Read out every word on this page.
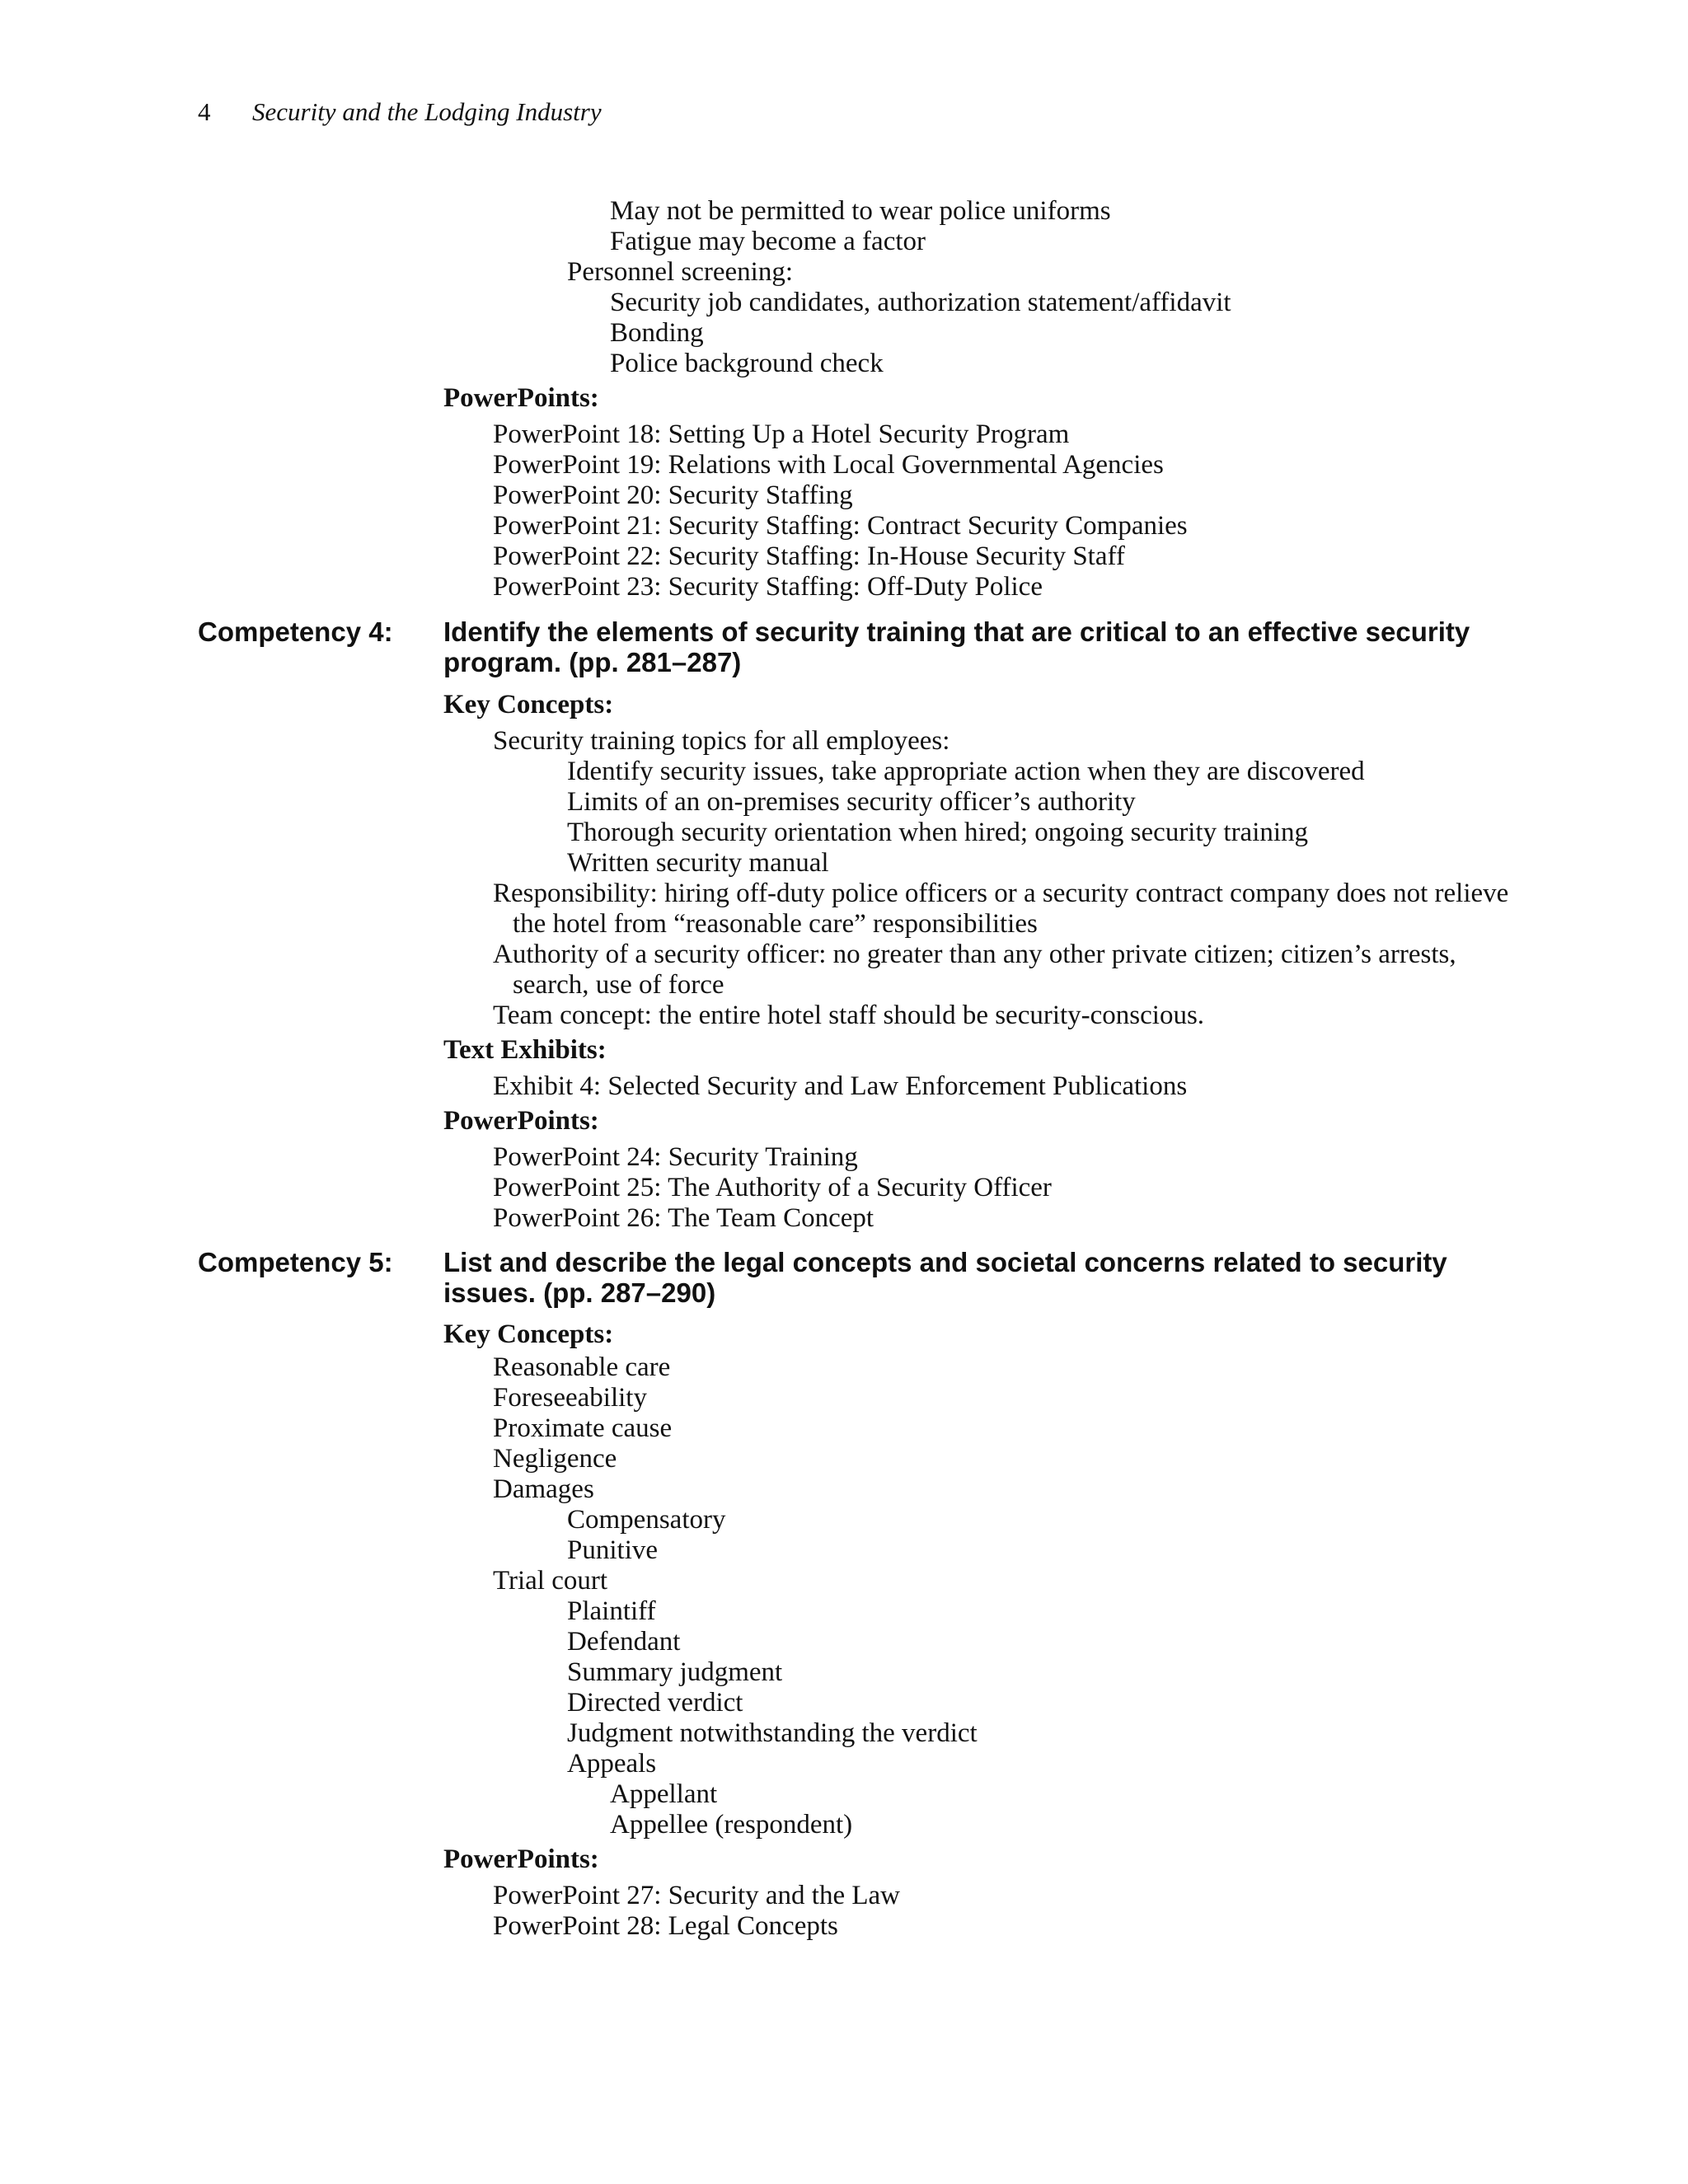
4 Security and the Lodging Industry
May not be permitted to wear police uniforms
Fatigue may become a factor
Personnel screening:
Security job candidates, authorization statement/affidavit
Bonding
Police background check
PowerPoints:
PowerPoint 18: Setting Up a Hotel Security Program
PowerPoint 19: Relations with Local Governmental Agencies
PowerPoint 20: Security Staffing
PowerPoint 21: Security Staffing: Contract Security Companies
PowerPoint 22: Security Staffing: In-House Security Staff
PowerPoint 23: Security Staffing: Off-Duty Police
Competency 4: Identify the elements of security training that are critical to an effective security program. (pp. 281–287)
Key Concepts:
Security training topics for all employees:
Identify security issues, take appropriate action when they are discovered
Limits of an on-premises security officer’s authority
Thorough security orientation when hired; ongoing security training
Written security manual
Responsibility: hiring off-duty police officers or a security contract company does not relieve the hotel from “reasonable care” responsibilities
Authority of a security officer: no greater than any other private citizen; citizen’s arrests, search, use of force
Team concept: the entire hotel staff should be security-conscious.
Text Exhibits:
Exhibit 4: Selected Security and Law Enforcement Publications
PowerPoints:
PowerPoint 24: Security Training
PowerPoint 25: The Authority of a Security Officer
PowerPoint 26: The Team Concept
Competency 5: List and describe the legal concepts and societal concerns related to security issues. (pp. 287–290)
Key Concepts:
Reasonable care
Foreseeability
Proximate cause
Negligence
Damages
Compensatory
Punitive
Trial court
Plaintiff
Defendant
Summary judgment
Directed verdict
Judgment notwithstanding the verdict
Appeals
Appellant
Appellee (respondent)
PowerPoints:
PowerPoint 27: Security and the Law
PowerPoint 28: Legal Concepts
